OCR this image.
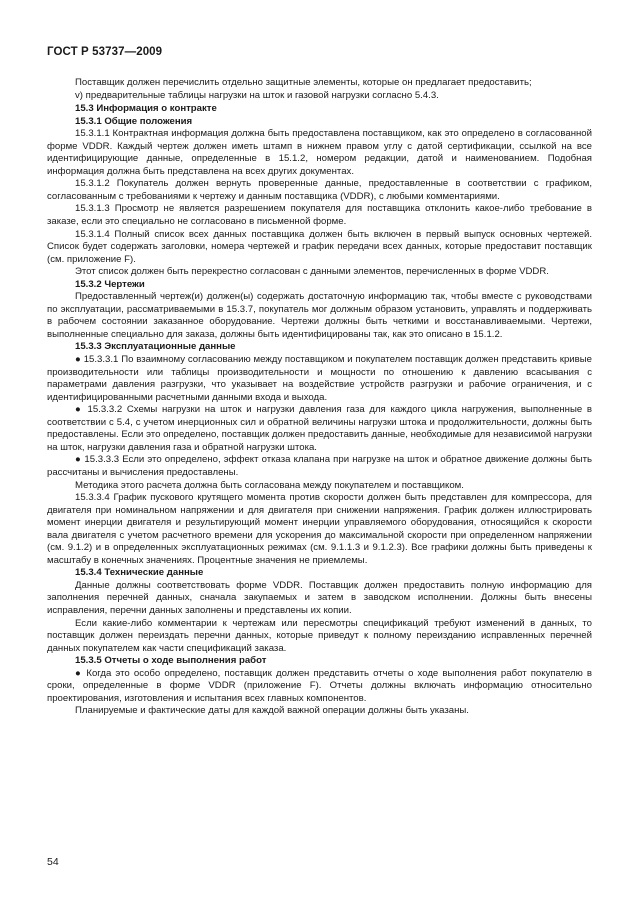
ГОСТ Р 53737—2009

Поставщик должен перечислить отдельно защитные элементы, которые он предлагает предоставить;

v) предварительные таблицы нагрузки на шток и газовой нагрузки согласно 5.4.3.

15.3 Информация о контракте

15.3.1 Общие положения

15.3.1.1 Контрактная информация должна быть предоставлена поставщиком, как это определено в согласованной форме VDDR. Каждый чертеж должен иметь штамп в нижнем правом углу с датой сертификации, ссылкой на все идентифицирующие данные, определенные в 15.1.2, номером редакции, датой и наименованием. Подобная информация должна быть представлена на всех других документах.

15.3.1.2 Покупатель должен вернуть проверенные данные, предоставленные в соответствии с графиком, согласованным с требованиями к чертежу и данным поставщика (VDDR), с любыми комментариями.

15.3.1.3 Просмотр не является разрешением покупателя для поставщика отклонить какое-либо требование в заказе, если это специально не согласовано в письменной форме.

15.3.1.4 Полный список всех данных поставщика должен быть включен в первый выпуск основных чертежей. Список будет содержать заголовки, номера чертежей и график передачи всех данных, которые предоставит поставщик (см. приложение F).

Этот список должен быть перекрестно согласован с данными элементов, перечисленных в форме VDDR.

15.3.2 Чертежи

Предоставленный чертеж(и) должен(ы) содержать достаточную информацию так, чтобы вместе с руководствами по эксплуатации, рассматриваемыми в 15.3.7, покупатель мог должным образом установить, управлять и поддерживать в рабочем состоянии заказанное оборудование. Чертежи должны быть четкими и восстанавливаемыми. Чертежи, выполненные специально для заказа, должны быть идентифицированы так, как это описано в 15.1.2.

15.3.3 Эксплуатационные данные

● 15.3.3.1 По взаимному согласованию между поставщиком и покупателем поставщик должен представить кривые производительности или таблицы производительности и мощности по отношению к давлению всасывания с параметрами давления разгрузки, что указывает на воздействие устройств разгрузки и рабочие ограничения, и с идентифицированными расчетными данными входа и выхода.

● 15.3.3.2 Схемы нагрузки на шток и нагрузки давления газа для каждого цикла нагружения, выполненные в соответствии с 5.4, с учетом инерционных сил и обратной величины нагрузки штока и продолжительности, должны быть предоставлены. Если это определено, поставщик должен предоставить данные, необходимые для независимой нагрузки на шток, нагрузки давления газа и обратной нагрузки штока.

● 15.3.3.3 Если это определено, эффект отказа клапана при нагрузке на шток и обратное движение должны быть рассчитаны и вычисления предоставлены.

Методика этого расчета должна быть согласована между покупателем и поставщиком.

15.3.3.4 График пускового крутящего момента против скорости должен быть представлен для компрессора, для двигателя при номинальном напряжении и для двигателя при снижении напряжения. График должен иллюстрировать момент инерции двигателя и результирующий момент инерции управляемого оборудования, относящийся к скорости вала двигателя с учетом расчетного времени для ускорения до максимальной скорости при определенном напряжении (см. 9.1.2) и в определенных эксплуатационных режимах (см. 9.1.1.3 и 9.1.2.3). Все графики должны быть приведены к масштабу в конечных значениях. Процентные значения не приемлемы.

15.3.4 Технические данные

Данные должны соответствовать форме VDDR. Поставщик должен предоставить полную информацию для заполнения перечней данных, сначала закупаемых и затем в заводском исполнении. Должны быть внесены исправления, перечни данных заполнены и представлены их копии.

Если какие-либо комментарии к чертежам или пересмотры спецификаций требуют изменений в данных, то поставщик должен переиздать перечни данных, которые приведут к полному переизданию исправленных перечней данных покупателем как части спецификаций заказа.

15.3.5 Отчеты о ходе выполнения работ

● Когда это особо определено, поставщик должен представить отчеты о ходе выполнения работ покупателю в сроки, определенные в форме VDDR (приложение F). Отчеты должны включать информацию относительно проектирования, изготовления и испытания всех главных компонентов.

Планируемые и фактические даты для каждой важной операции должны быть указаны.

54
